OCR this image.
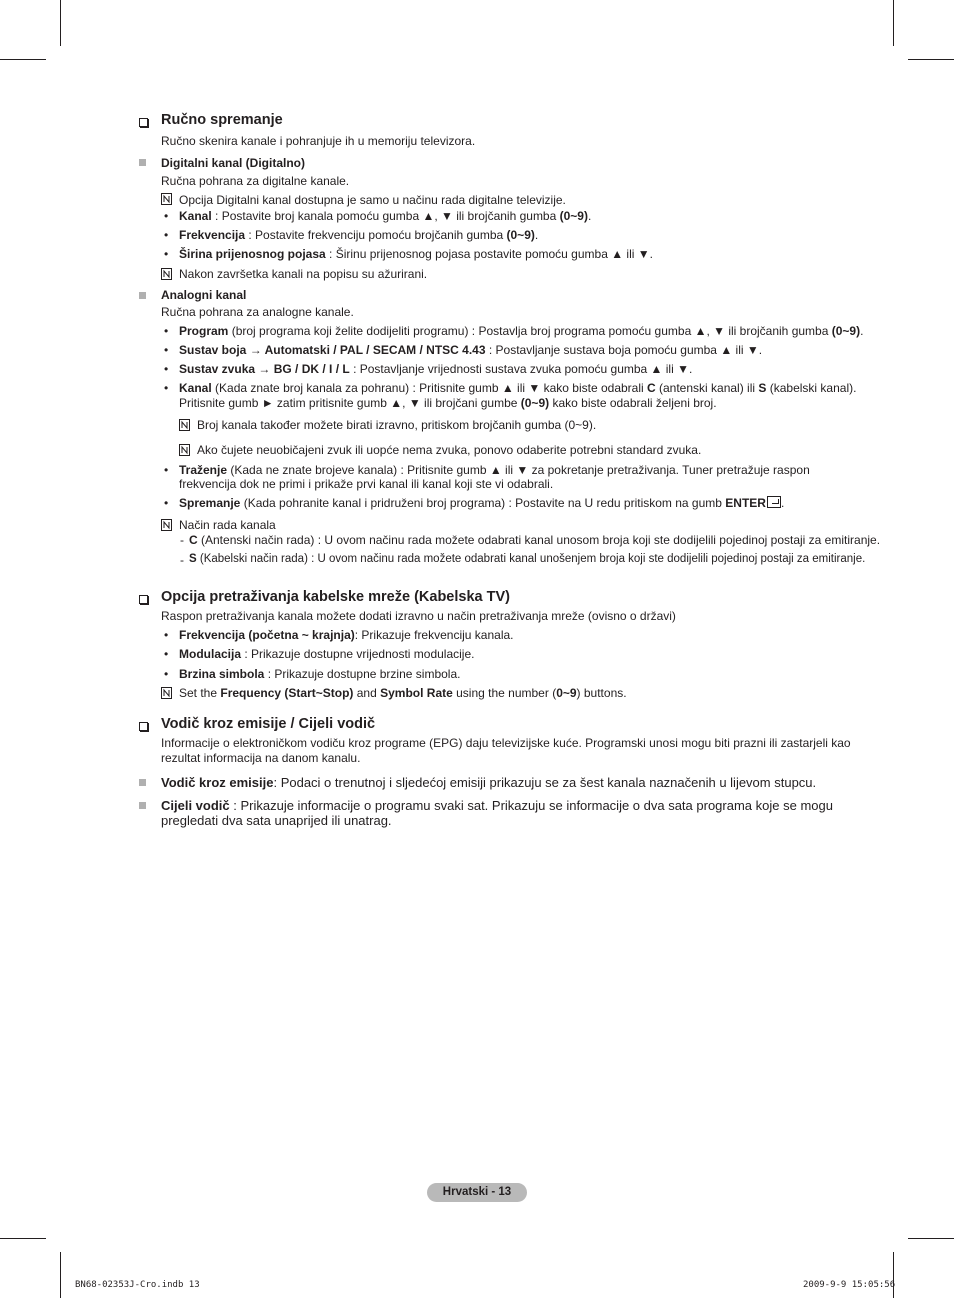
Ručno spremanje
Ručno skenira kanale i pohranjuje ih u memoriju televizora.
Digitalni kanal (Digitalno)
Ručna pohrana za digitalne kanale.
Opcija Digitalni kanal dostupna je samo u načinu rada digitalne televizije.
• Kanal : Postavite broj kanala pomoću gumba ▲, ▼ ili brojčanih gumba (0~9).
• Frekvencija : Postavite frekvenciju pomoću brojčanih gumba (0~9).
• Širina prijenosnog pojasa : Širinu prijenosnog pojasa postavite pomoću gumba ▲ ili ▼.
Nakon završetka kanali na popisu su ažurirani.
Analogni kanal
Ručna pohrana za analogne kanale.
• Program (broj programa koji želite dodijeliti programu) : Postavlja broj programa pomoću gumba ▲, ▼ ili brojčanih gumba (0~9).
• Sustav boja → Automatski / PAL / SECAM / NTSC 4.43 : Postavljanje sustava boja pomoću gumba ▲ ili ▼.
• Sustav zvuka → BG / DK / I / L : Postavljanje vrijednosti sustava zvuka pomoću gumba ▲ ili ▼.
• Kanal (Kada znate broj kanala za pohranu) : Pritisnite gumb ▲ ili ▼ kako biste odabrali C (antenski kanal) ili S (kabelski kanal).
Pritisnite gumb ► zatim pritisnite gumb ▲, ▼ ili brojčani gumbe (0~9) kako biste odabrali željeni broj.
Broj kanala također možete birati izravno, pritiskom brojčanih gumba (0~9).
Ako čujete neuobičajeni zvuk ili uopće nema zvuka, ponovo odaberite potrebni standard zvuka.
• Traženje (Kada ne znate brojeve kanala) : Pritisnite gumb ▲ ili ▼ za pokretanje pretraživanja. Tuner pretražuje raspon
frekvencija dok ne primi i prikaže prvi kanal ili kanal koji ste vi odabrali.
• Spremanje (Kada pohranite kanal i pridruženi broj programa) : Postavite na U redu pritiskom na gumb ENTER .
Način rada kanala
- C (Antenski način rada) : U ovom načinu rada možete odabrati kanal unosom broja koji ste dodijelili pojedinoj postaji za emitiranje.
- S (Kabelski način rada) : U ovom načinu rada možete odabrati kanal unošenjem broja koji ste dodijelili pojedinoj postaji za emitiranje.
Opcija pretraživanja kabelske mreže (Kabelska TV)
Raspon pretraživanja kanala možete dodati izravno u način pretraživanja mreže (ovisno o državi)
• Frekvencija (početna ~ krajnja): Prikazuje frekvenciju kanala.
• Modulacija : Prikazuje dostupne vrijednosti modulacije.
• Brzina simbola : Prikazuje dostupne brzine simbola.
Set the Frequency (Start~Stop) and Symbol Rate using the number (0~9) buttons.
Vodič kroz emisije / Cijeli vodič
Informacije o elektroničkom vodiču kroz programe (EPG) daju televizijske kuće. Programski unosi mogu biti prazni ili zastarjeli kao
rezultat informacija na danom kanalu.
Vodič kroz emisije: Podaci o trenutnoj i sljedećoj emisiji prikazuju se za šest kanala naznačenih u lijevom stupcu.
Cijeli vodič : Prikazuje informacije o programu svaki sat. Prikazuju se informacije o dva sata programa koje se mogu
pregledati dva sata unaprijed ili unatrag.
Hrvatski - 13
BN68-02353J-Cro.indb 13	2009-9-9 15:05:56
